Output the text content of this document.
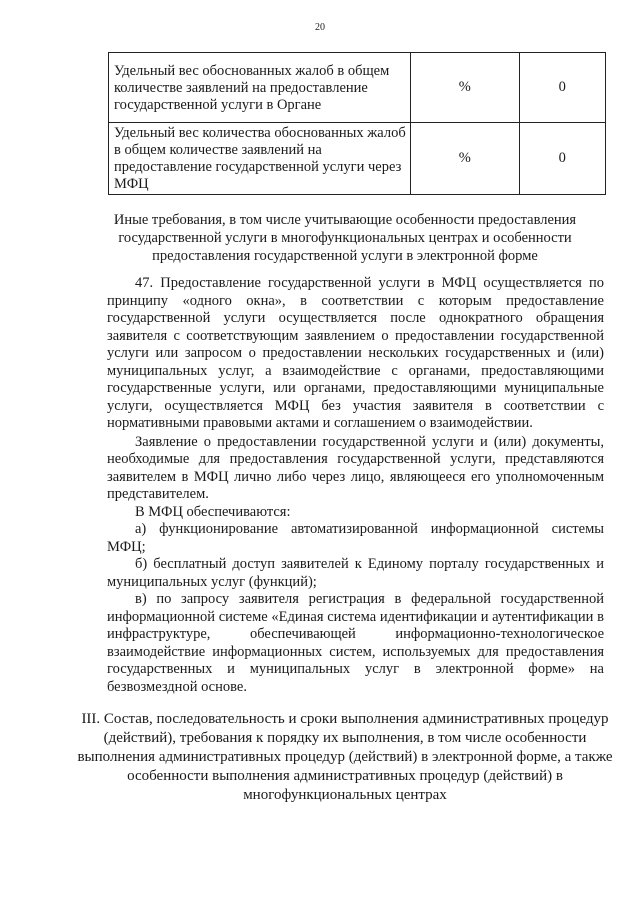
20
Удельный вес обоснованных жалоб в общем количестве заявлений на предоставление государственной услуги в Органе	%	0
Удельный вес количества обоснованных жалоб в общем количестве заявлений на предоставление государственной услуги через МФЦ	%	0
Иные требования, в том числе учитывающие особенности предоставления государственной услуги в многофункциональных центрах и особенности предоставления государственной услуги в электронной форме

47. Предоставление государственной услуги в МФЦ осуществляется по принципу «одного окна», в соответствии с которым предоставление государственной услуги осуществляется после однократного обращения заявителя с соответствующим заявлением о предоставлении государственной услуги или запросом о предоставлении нескольких государственных и (или) муниципальных услуг, а взаимодействие с органами, предоставляющими государственные услуги, или органами, предоставляющими муниципальные услуги, осуществляется МФЦ без участия заявителя в соответствии с нормативными правовыми актами и соглашением о взаимодействии.

Заявление о предоставлении государственной услуги и (или) документы, необходимые для предоставления государственной услуги, представляются заявителем в МФЦ лично либо через лицо, являющееся его уполномоченным представителем.

В МФЦ обеспечиваются:

а) функционирование автоматизированной информационной системы МФЦ;

б) бесплатный доступ заявителей к Единому порталу государственных и муниципальных услуг (функций);

в) по запросу заявителя регистрация в федеральной государственной информационной системе «Единая система идентификации и аутентификации в инфраструктуре, обеспечивающей информационно-технологическое взаимодействие информационных систем, используемых для предоставления государственных и муниципальных услуг в электронной форме» на безвозмездной основе.

III. Состав, последовательность и сроки выполнения административных процедур (действий), требования к порядку их выполнения, в том числе особенности выполнения административных процедур (действий) в электронной форме, а также особенности выполнения административных процедур (действий) в многофункциональных центрах
